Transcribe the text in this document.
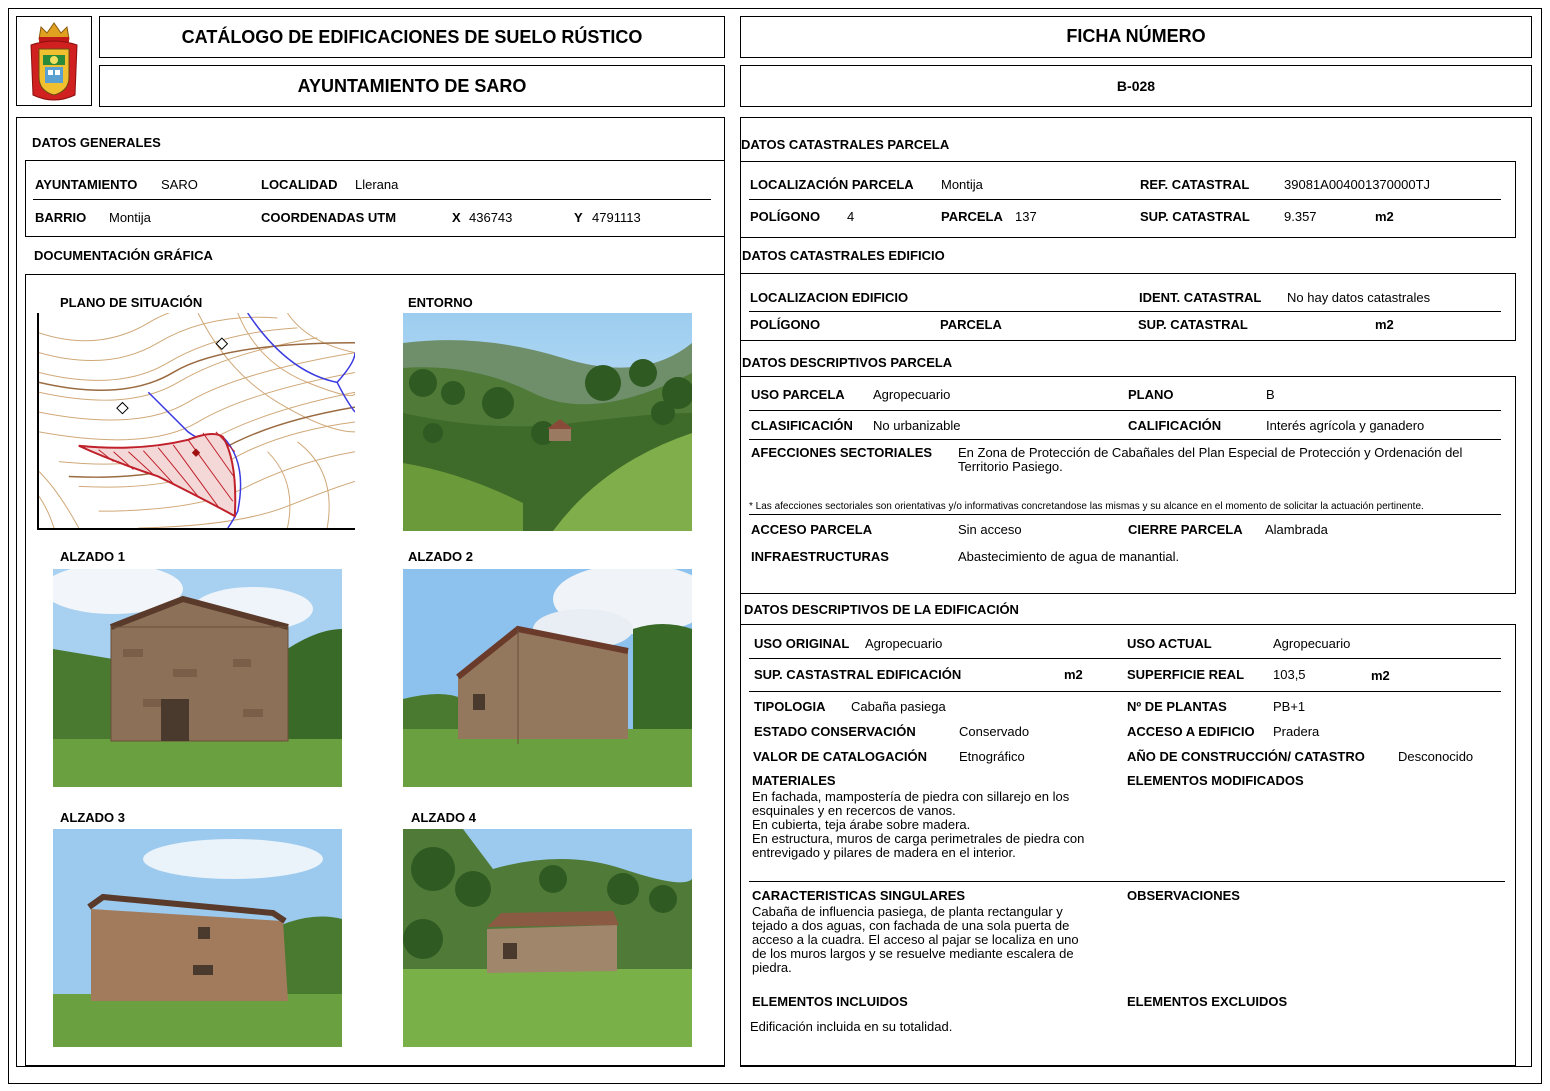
CATÁLOGO DE EDIFICACIONES DE SUELO RÚSTICO
AYUNTAMIENTO DE SARO
FICHA NÚMERO
B-028
DATOS GENERALES
AYUNTAMIENTO SARO	LOCALIDAD Llerana
BARRIO Montija	COORDENADAS UTM	X 436743	Y 4791113
DOCUMENTACIÓN GRÁFICA
PLANO DE SITUACIÓN	ENTORNO
ALZADO 1	ALZADO 2
ALZADO 3	ALZADO 4
DATOS CATASTRALES PARCELA
LOCALIZACIÓN PARCELA Montija	REF. CATASTRAL	39081A004001370000TJ
POLÍGONO 4	PARCELA 137	SUP. CATASTRAL	9.357	m2
DATOS CATASTRALES EDIFICIO
LOCALIZACION EDIFICIO	IDENT. CATASTRAL No hay datos catastrales
POLÍGONO	PARCELA	SUP. CATASTRAL	m2
DATOS DESCRIPTIVOS PARCELA
USO PARCELA Agropecuario	PLANO	B
CLASIFICACIÓN No urbanizable	CALIFICACIÓN	Interés agrícola y ganadero
AFECCIONES SECTORIALES En Zona de Protección de Cabañales del Plan Especial de Protección y Ordenación del Territorio Pasiego.
* Las afecciones sectoriales son orientativas y/o informativas concretandose las mismas y su alcance en el momento de solicitar la actuación pertinente.
ACCESO PARCELA	Sin acceso	CIERRE PARCELA Alambrada
INFRAESTRUCTURAS	Abastecimiento de agua de manantial.
DATOS DESCRIPTIVOS DE LA EDIFICACIÓN
USO ORIGINAL Agropecuario	USO ACTUAL	Agropecuario
SUP. CASTASTRAL EDIFICACIÓN	m2	SUPERFICIE REAL 103,5	m2
TIPOLOGIA Cabaña pasiega	Nº DE PLANTAS	PB+1
ESTADO CONSERVACIÓN	Conservado	ACCESO A EDIFICIO Pradera
VALOR DE CATALOGACIÓN Etnográfico	AÑO DE CONSTRUCCIÓN/ CATASTRO	Desconocido
MATERIALES
En fachada, mampostería de piedra con sillarejo en los
esquinales y en recercos de vanos.
En cubierta, teja árabe sobre madera.
En estructura, muros de carga perimetrales de piedra con
entrevigado y pilares de madera en el interior.
ELEMENTOS MODIFICADOS
CARACTERISTICAS SINGULARES
Cabaña de influencia pasiega, de planta rectangular y
tejado a dos aguas, con fachada de una sola puerta de
acceso a la cuadra. El acceso al pajar se localiza en uno
de los muros largos y se resuelve mediante escalera de
piedra.
OBSERVACIONES
ELEMENTOS INCLUIDOS
Edificación incluida en su totalidad.
ELEMENTOS EXCLUIDOS
